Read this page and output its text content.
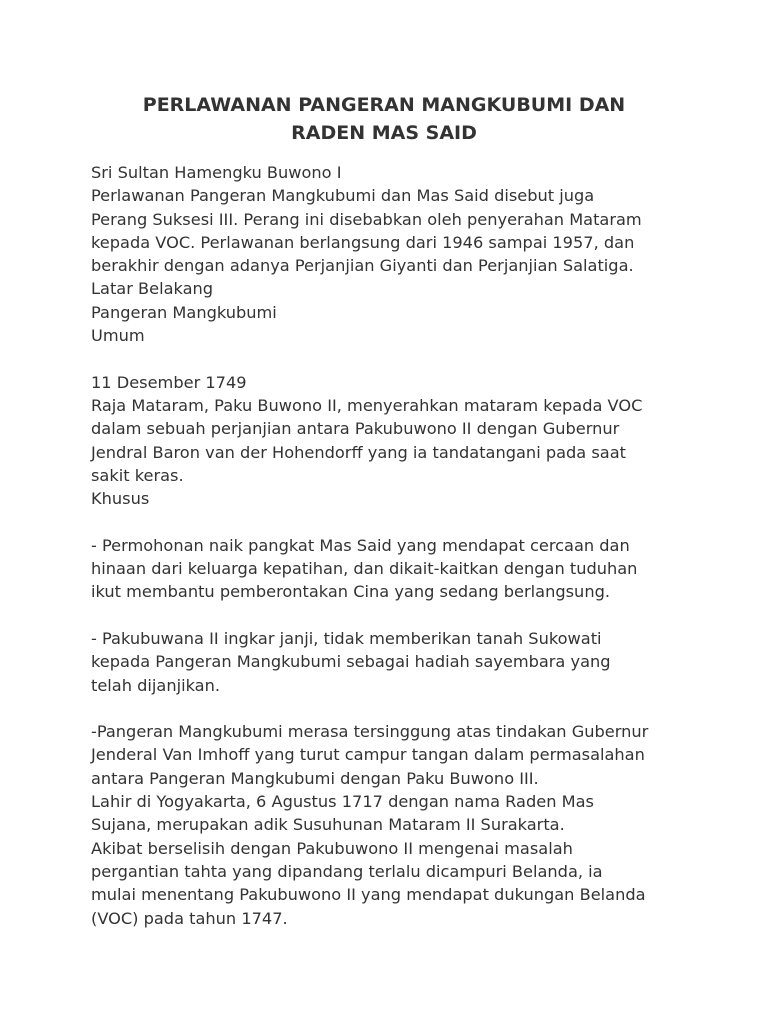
PERLAWANAN PANGERAN MANGKUBUMI DAN
RADEN MAS SAID
Sri Sultan Hamengku Buwono I
Perlawanan Pangeran Mangkubumi dan Mas Said disebut juga
Perang Suksesi III. Perang ini disebabkan oleh penyerahan Mataram
kepada VOC. Perlawanan berlangsung dari 1946 sampai 1957, dan
berakhir dengan adanya Perjanjian Giyanti dan Perjanjian Salatiga.
Latar Belakang
Pangeran Mangkubumi
Umum
11 Desember 1749
Raja Mataram, Paku Buwono II, menyerahkan mataram kepada VOC
dalam sebuah perjanjian antara Pakubuwono II dengan Gubernur
Jendral Baron van der Hohendorff yang ia tandatangani pada saat
sakit keras.
Khusus
- Permohonan naik pangkat Mas Said yang mendapat cercaan dan
hinaan dari keluarga kepatihan, dan dikait-kaitkan dengan tuduhan
ikut membantu pemberontakan Cina yang sedang berlangsung.
- Pakubuwana II ingkar janji, tidak memberikan tanah Sukowati
kepada Pangeran Mangkubumi sebagai hadiah sayembara yang
telah dijanjikan.
-Pangeran Mangkubumi merasa tersinggung atas tindakan Gubernur
Jenderal Van Imhoff yang turut campur tangan dalam permasalahan
antara Pangeran Mangkubumi dengan Paku Buwono III.
Lahir di Yogyakarta, 6 Agustus 1717 dengan nama Raden Mas
Sujana, merupakan adik Susuhunan Mataram II Surakarta.
Akibat berselisih dengan Pakubuwono II mengenai masalah
pergantian tahta yang dipandang terlalu dicampuri Belanda, ia
mulai menentang Pakubuwono II yang mendapat dukungan Belanda
(VOC) pada tahun 1747.
